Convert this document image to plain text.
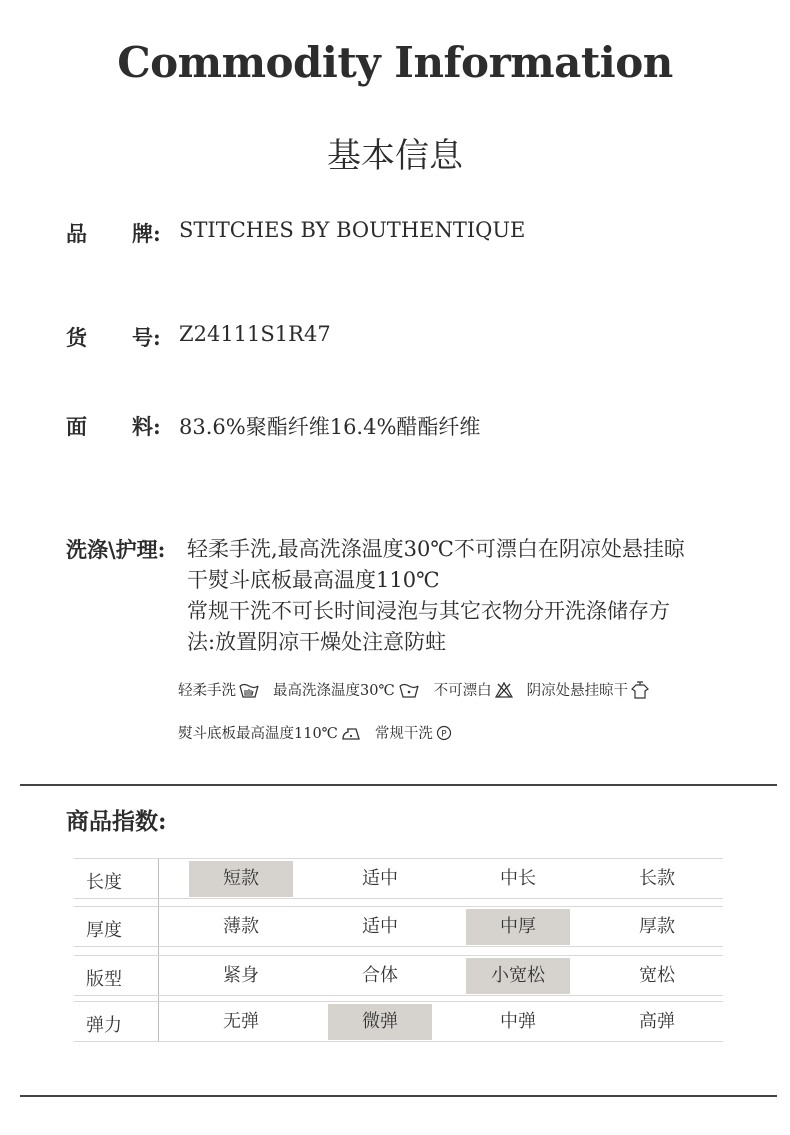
Commodity Information
基本信息
品 牌: STITCHES BY BOUTHENTIQUE
货 号: Z24111S1R47
面 料: 83.6%聚酯纤维16.4%醋酯纤维
洗涤\护理: 轻柔手洗,最高洗涤温度30℃不可漂白在阴凉处悬挂晾
干熨斗底板最高温度110℃
常规干洗不可长时间浸泡与其它衣物分开洗涤储存方
法:放置阴凉干燥处注意防蛀
轻柔手洗	最高洗涤温度30℃	不可漂白 阴凉处悬挂晾干
熨斗底板最高温度110℃	常规干洗 P
商品指数:
长度	短款	适中	中长	长款
厚度	薄款	适中	中厚	厚款
版型	紧身	合体	小宽松	宽松
弹力	无弹	微弹	中弹	高弹
